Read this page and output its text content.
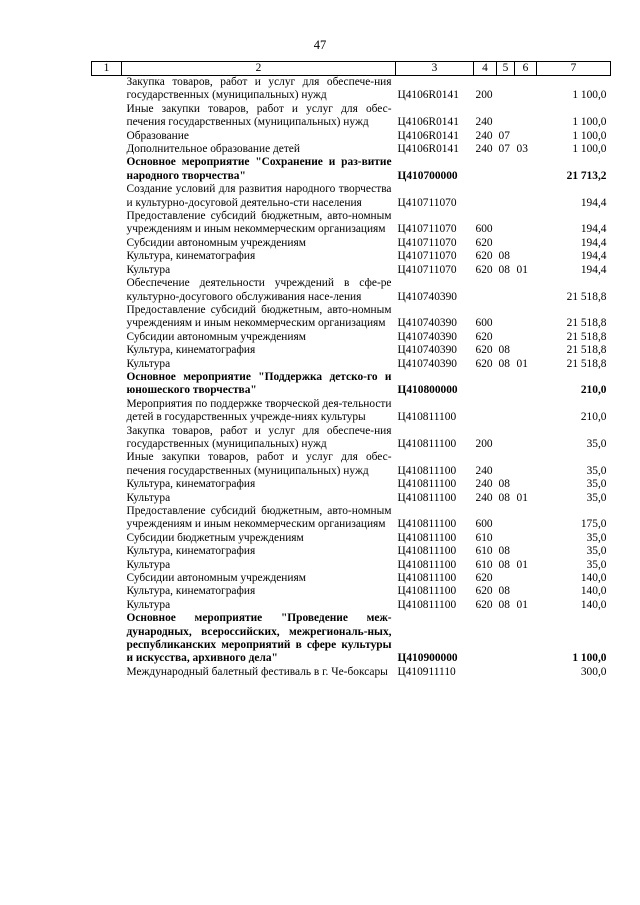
47
1	2	3	4	5	6	7
	Закупка товаров, работ и услуг для обеспече-ния государственных (муниципальных) нужд	Ц4106R0141	200			1 100,0
	Иные закупки товаров, работ и услуг для обес-печения государственных (муниципальных) нужд	Ц4106R0141	240			1 100,0
	Образование	Ц4106R0141	240	07		1 100,0
	Дополнительное образование детей	Ц4106R0141	240	07	03	1 100,0
	Основное мероприятие "Сохранение и раз-витие народного творчества"	Ц410700000				21 713,2
	Создание условий для развития народного творчества и культурно-досуговой деятельно-сти населения	Ц410711070				194,4
	Предоставление субсидий бюджетным, авто-номным учреждениям и иным некоммерческим организациям	Ц410711070	600			194,4
	Субсидии автономным учреждениям	Ц410711070	620			194,4
	Культура, кинематография	Ц410711070	620	08		194,4
	Культура	Ц410711070	620	08	01	194,4
	Обеспечение деятельности учреждений в сфе-ре культурно-досугового обслуживания насе-ления	Ц410740390				21 518,8
	Предоставление субсидий бюджетным, авто-номным учреждениям и иным некоммерческим организациям	Ц410740390	600			21 518,8
	Субсидии автономным учреждениям	Ц410740390	620			21 518,8
	Культура, кинематография	Ц410740390	620	08		21 518,8
	Культура	Ц410740390	620	08	01	21 518,8
	Основное мероприятие "Поддержка детско-го и юношеского творчества"	Ц410800000				210,0
	Мероприятия по поддержке творческой дея-тельности детей в государственных учрежде-ниях культуры	Ц410811100				210,0
	Закупка товаров, работ и услуг для обеспече-ния государственных (муниципальных) нужд	Ц410811100	200			35,0
	Иные закупки товаров, работ и услуг для обес-печения государственных (муниципальных) нужд	Ц410811100	240			35,0
	Культура, кинематография	Ц410811100	240	08		35,0
	Культура	Ц410811100	240	08	01	35,0
	Предоставление субсидий бюджетным, авто-номным учреждениям и иным некоммерческим организациям	Ц410811100	600			175,0
	Субсидии бюджетным учреждениям	Ц410811100	610			35,0
	Культура, кинематография	Ц410811100	610	08		35,0
	Культура	Ц410811100	610	08	01	35,0
	Субсидии автономным учреждениям	Ц410811100	620			140,0
	Культура, кинематография	Ц410811100	620	08		140,0
	Культура	Ц410811100	620	08	01	140,0
	Основное мероприятие "Проведение меж-дународных, всероссийских, межрегиональ-ных, республиканских мероприятий в сфере культуры и искусства, архивного дела"	Ц410900000				1 100,0
	Международный балетный фестиваль в г. Че-боксары	Ц410911110				300,0
